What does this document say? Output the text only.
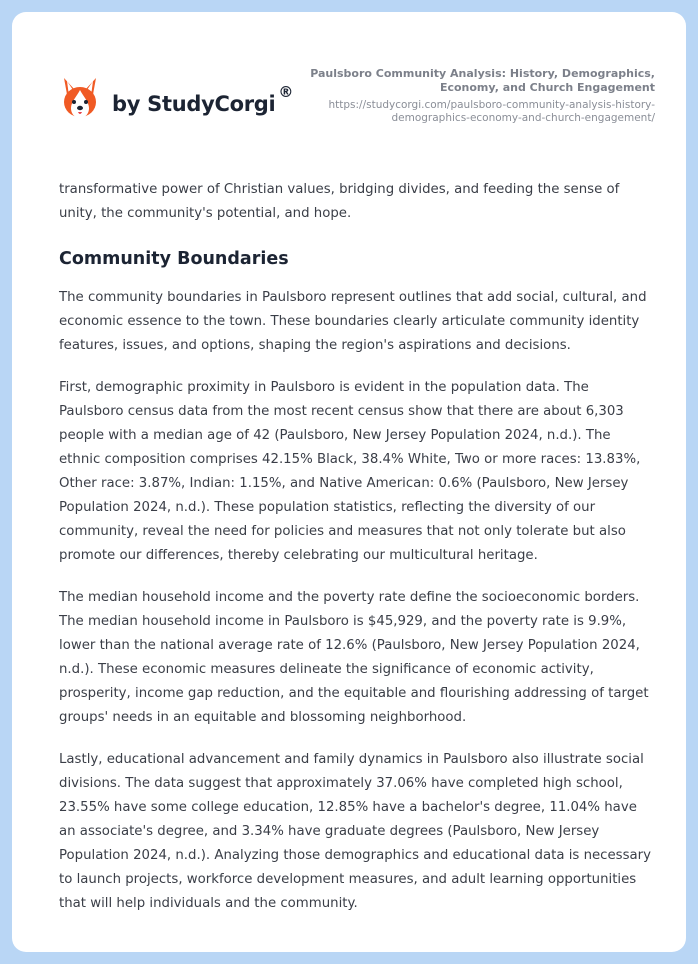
by StudyCorgi ®
Paulsboro Community Analysis: History, Demographics, Economy, and Church Engagement
https://studycorgi.com/paulsboro-community-analysis-history-demographics-economy-and-church-engagement/

transformative power of Christian values, bridging divides, and feeding the sense of unity, the community's potential, and hope.

Community Boundaries

The community boundaries in Paulsboro represent outlines that add social, cultural, and economic essence to the town. These boundaries clearly articulate community identity features, issues, and options, shaping the region's aspirations and decisions.

First, demographic proximity in Paulsboro is evident in the population data. The Paulsboro census data from the most recent census show that there are about 6,303 people with a median age of 42 (Paulsboro, New Jersey Population 2024, n.d.). The ethnic composition comprises 42.15% Black, 38.4% White, Two or more races: 13.83%, Other race: 3.87%, Indian: 1.15%, and Native American: 0.6% (Paulsboro, New Jersey Population 2024, n.d.). These population statistics, reflecting the diversity of our community, reveal the need for policies and measures that not only tolerate but also promote our differences, thereby celebrating our multicultural heritage.

The median household income and the poverty rate define the socioeconomic borders. The median household income in Paulsboro is $45,929, and the poverty rate is 9.9%, lower than the national average rate of 12.6% (Paulsboro, New Jersey Population 2024, n.d.). These economic measures delineate the significance of economic activity, prosperity, income gap reduction, and the equitable and flourishing addressing of target groups' needs in an equitable and blossoming neighborhood.

Lastly, educational advancement and family dynamics in Paulsboro also illustrate social divisions. The data suggest that approximately 37.06% have completed high school, 23.55% have some college education, 12.85% have a bachelor's degree, 11.04% have an associate's degree, and 3.34% have graduate degrees (Paulsboro, New Jersey Population 2024, n.d.). Analyzing those demographics and educational data is necessary to launch projects, workforce development measures, and adult learning opportunities that will help individuals and the community.
